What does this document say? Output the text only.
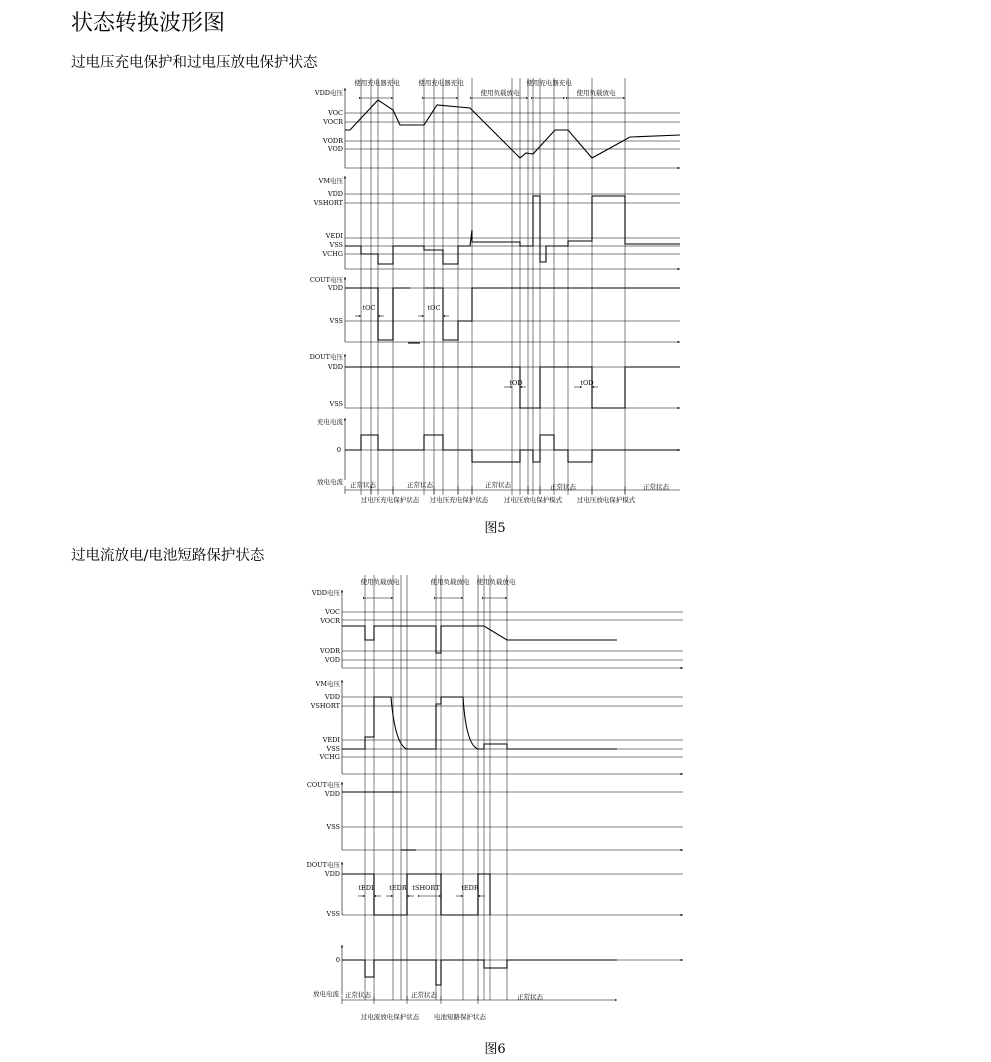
状态转换波形图
过电压充电保护和过电压放电保护状态
过电流放电/电池短路保护状态
使用充电器充电	使用充电器充电
使用负载放电
使用充电器充电
使用负载放电
VDD电压
VOC
VOCR
VODR
VOD
VM电压
VDD
VSHORT
VEDI
VSS
VCHG
COUT电压
VDD
VSS
tOC	tOC
DOUT电压
VDD
VSS
tOD	tOD
充电电流
0
放电电流 正常状态	正常状态	正常状态	正常状态	正常状态
过电压充电保护状态 过电压充电保护状态 过电压放电保护模式 过电压放电保护模式
图5
使用负载放电	使用负载放电 使用负载放电
VDD电压
VOC
VOCR
VODR
VOD
VM电压
VDD
VSHORT
VEDI
VSS
VCHG
COUT电压
VDD
VSS
DOUT电压
VDD
VSS
tEDI tEDR tSHORT	tEDR
0
放电电流 正常状态	正常状态	正常状态
过电流放电保护状态 电池短路保护状态
图6
